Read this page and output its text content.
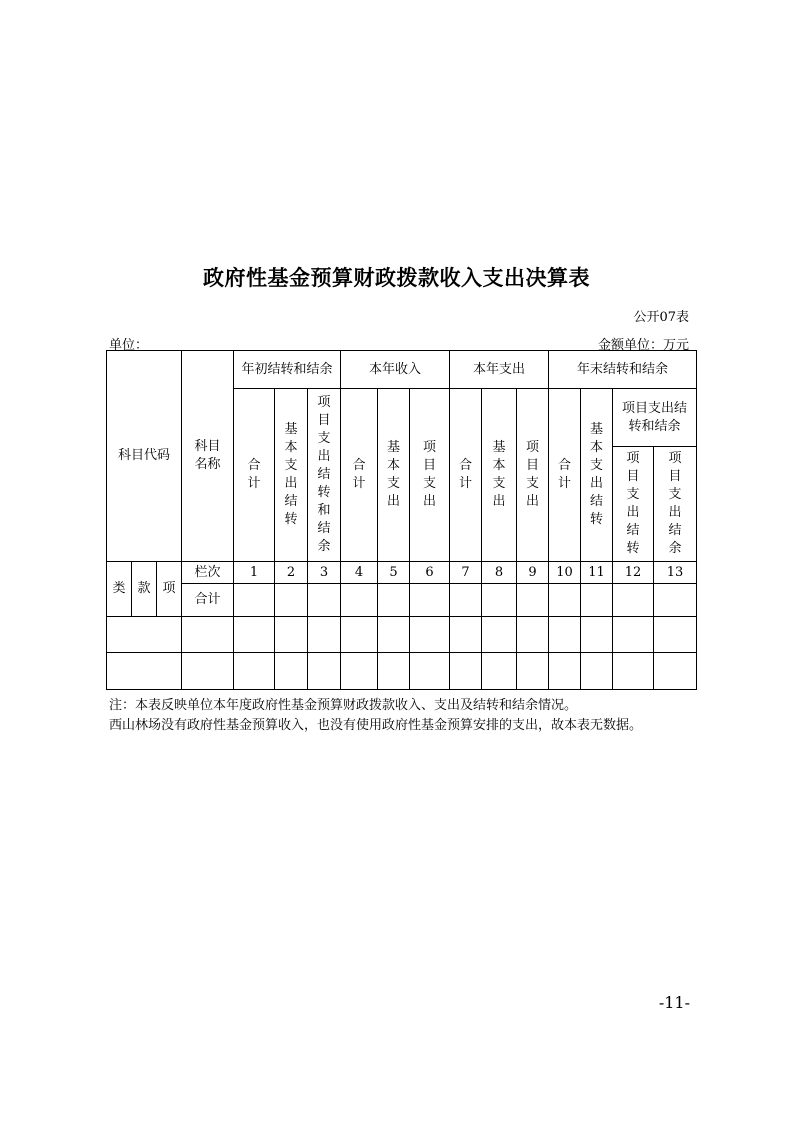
政府性基金预算财政拨款收入支出决算表
公开07表
单位：	金额单位：万元
科目代码			科目名称	年初结转和结余			本年收入			本年支出			年末结转和结余			
				合计	基本支出结转	项目支出结转和结余	合计	基本支出	项目支出	合计	基本支出	项目支出	合计	基本支出结转	项目支出结转和结余	
															项目支出结转	项目支出结余
类	款	项	栏次	1	2	3	4	5	6	7	8	9	10	11	12	13
			合计													

注：本表反映单位本年度政府性基金预算财政拨款收入、支出及结转和结余情况。
西山林场没有政府性基金预算收入，也没有使用政府性基金预算安排的支出，故本表无数据。
-11-
